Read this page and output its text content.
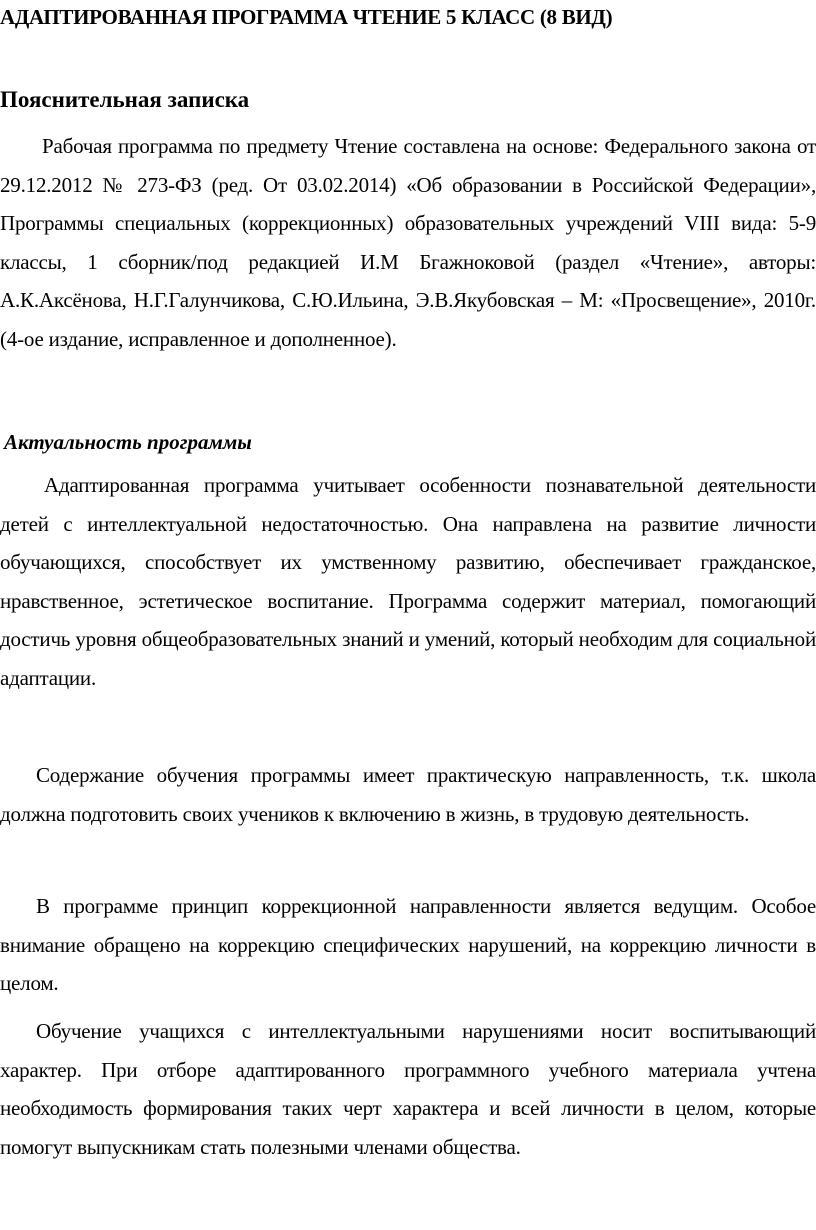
АДАПТИРОВАННАЯ ПРОГРАММА ЧТЕНИЕ 5 КЛАСС (8 ВИД)
Пояснительная записка

Рабочая программа по предмету Чтение составлена на основе: Федерального закона от 29.12.2012 № 273-ФЗ (ред. От 03.02.2014) «Об образовании в Российской Федерации», Программы специальных (коррекционных) образовательных учреждений VIII вида: 5-9 классы, 1 сборник/под редакцией И.М Бгажноковой (раздел «Чтение», авторы: А.К.Аксёнова, Н.Г.Галунчикова, С.Ю.Ильина, Э.В.Якубовская – М: «Просвещение», 2010г. (4-ое издание, исправленное и дополненное).

Актуальность программы

Адаптированная программа учитывает особенности познавательной деятельности детей с интеллектуальной недостаточностью. Она направлена на развитие личности обучающихся, способствует их умственному развитию, обеспечивает гражданское, нравственное, эстетическое воспитание. Программа содержит материал, помогающий достичь уровня общеобразовательных знаний и умений, который необходим для социальной адаптации.

Содержание обучения программы имеет практическую направленность, т.к. школа должна подготовить своих учеников к включению в жизнь, в трудовую деятельность.

В программе принцип коррекционной направленности является ведущим. Особое внимание обращено на коррекцию специфических нарушений, на коррекцию личности в целом.

Обучение учащихся с интеллектуальными нарушениями носит воспитывающий характер. При отборе адаптированного программного учебного материала учтена необходимость формирования таких черт характера и всей личности в целом, которые помогут выпускникам стать полезными членами общества.
